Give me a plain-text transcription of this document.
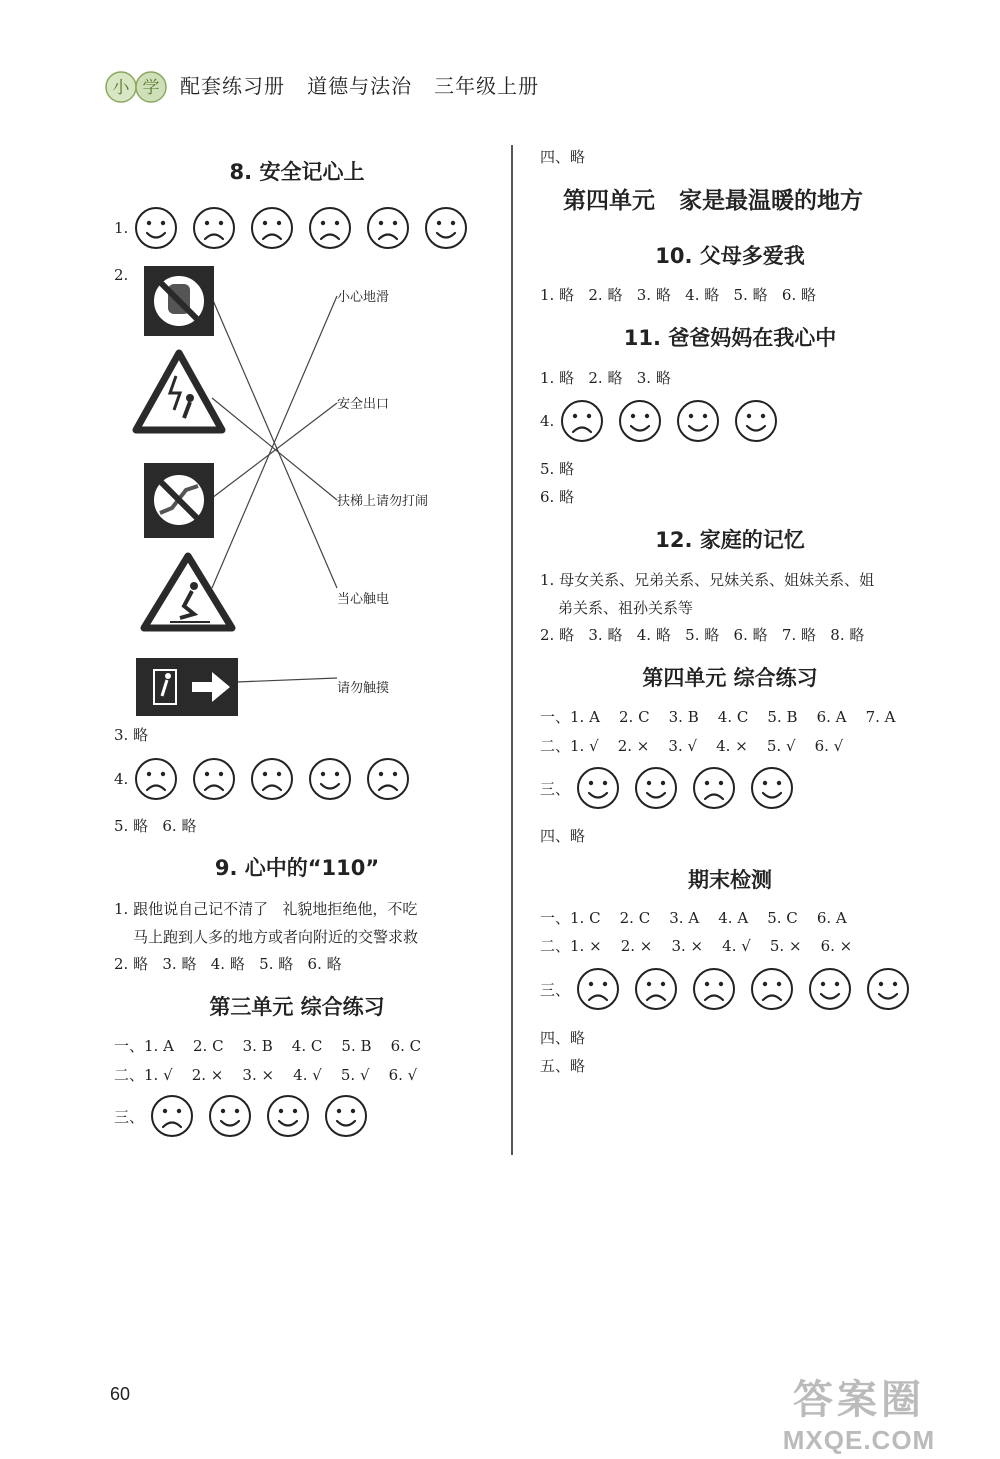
小 学 配套练习册   道德与法治   三年级上册
8. 安全记心上
1.
2.
小心地滑
安全出口
扶梯上请勿打闹
当心触电
请勿触摸
3. 略
4.
5. 略   6. 略
9. 心中的“110”
1. 跟他说自己记不清了   礼貌地拒绝他，不吃
马上跑到人多的地方或者向附近的交警求救
2. 略   3. 略   4. 略   5. 略   6. 略
第三单元 综合练习
一、1. A    2. C    3. B    4. C    5. B    6. C
二、1. √    2. ×    3. ×    4. √    5. √    6. √
三、
四、略
第四单元   家是最温暖的地方
10. 父母多爱我
1. 略   2. 略   3. 略   4. 略   5. 略   6. 略
11. 爸爸妈妈在我心中
1. 略   2. 略   3. 略
4.
5. 略
6. 略
12. 家庭的记忆
1. 母女关系、兄弟关系、兄妹关系、姐妹关系、姐
弟关系、祖孙关系等
2. 略   3. 略   4. 略   5. 略   6. 略   7. 略   8. 略
第四单元 综合练习
一、1. A    2. C    3. B    4. C    5. B    6. A    7. A
二、1. √    2. ×    3. √    4. ×    5. √    6. √
三、
四、略
期末检测
一、1. C    2. C    3. A    4. A    5. C    6. A
二、1. ×    2. ×    3. ×    4. √    5. ×    6. ×
三、
四、略
五、略
60	答案圈
MXQE.COM
